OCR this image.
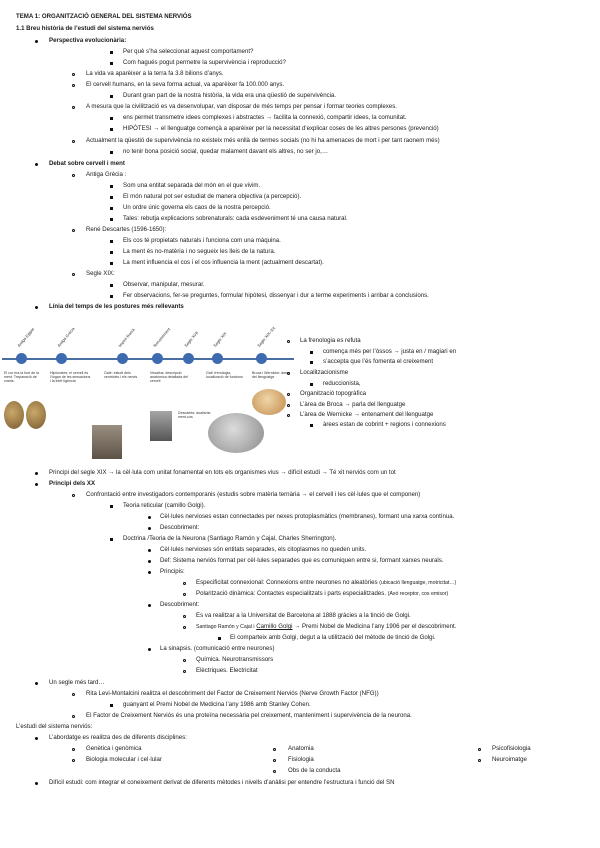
TEMA 1: ORGANITZACIÓ GENERAL DEL SISTEMA NERVIÓS
1.1 Breu història de l’estudi del sistema nerviós
Perspectiva evolucionària:
Per què s’ha seleccionat aquest comportament?
Com hagués pogut permetre la supervivència i reproducció?
La vida va aparèixer a la terra fa 3.8 bilions d’anys.
El cervell humans, en la seva forma actual, va aparèixer fa 100.000 anys.
Durant gran part de la nostra història, la vida era una qüestió de supervivència.
A mesura que la civilització es va desenvolupar, van disposar de més temps per pensar i formar teories complexes.
ens permet transmetre idees complexes i abstractes → facilita la connexió, compartir idees, la comunitat.
HIPÒTESI → el llenguatge començà a aparèixer per la necessitat d’explicar coses de les altres persones (prevenció)
Actualment la qüestió de supervivència no existeix més enllà de termes socials (no hi ha amenaces de mort i per tant raonem més)
no tenir bona posició social, quedar malament davant els altres, no ser jo,…
Debat sobre cervell i ment
Antiga Grècia :
Som una entitat separada del món en el que vivim.
El món natural pot ser estudiat de manera objectiva (a percepció).
Un ordre únic governa els caos de la nostra percepció.
Tales: rebutja explicacions sobrenaturals: cada esdeveniment té una causa natural.
René Descartes (1596-1650):
Els cos té propietats naturals i funciona com una màquina.
La ment és no-matèria i no segueix les lleis de la natura.
La ment influencia el cos i el cos influencia la ment (actualment descartat).
Segle XIX:
Observar, manipular, mesurar.
Fer observacions, fer-se preguntes, formular hipòtesi, dissenyar i dur a terme experiments i arribar a conclusions.
Línia del temps de les postures més rellevants
Antiga Egipte	Antiga Grècia	Imperi Romà	Renaixement	Segle XVII	Segle XIX	Segle XIX–XX
El cor era la font de la ment. Trepanació de cranis.
Hipòcrates: el cervell és l’òrgan de les sensacions i la intel·ligència
Galè: estudi dels ventricles i els nervis
Vesalius: descripció anatòmica detallada del cervell
Descartes: dualisme ment-cos
Gall: frenologia, localització de funcions
Broca i Wernicke: àrees del llenguatge
La frenologia es refuta
comença més per l’òssos → justa en / magiari en
s’accepta que l’és fomenta el creixement
Localitzacionisme
reduccionista,
Organització topogràfica
L’àrea de Broca → parla del llenguatge
L’àrea de Wernicke → entenament del llenguatge
àrees estan de cobrint + regions i connexions
Principi del segle XIX → la cèl·lula com unitat fonamental en tots els organismes vius → difícil estudi → Té xit nerviós com un tot
Principi dels XX
Confrontació entre investigadors contemporanis (estudis sobre matèria ternària → el cervell i les cèl·lules que el componen)
Teoria reticular (camillo Golgi).
Cèl·lules nervioses estan connectades per nexes protoplasmàtics (membranes), formant una xarxa contínua.
Descobriment:
Doctrina /Teoria de la Neurona (Santiago Ramón y Cajal, Charles Sherrington).
Cèl·lules nervioses són entitats separades, els citoplasmes no queden units.
Def: Sistema nerviós format per cèl·lules separades que es comuniquen entre si, formant xarxes neurals.
Principis:
Especificitat connexional: Connexions entre neurones no aleatòries (ubicació llenguatge, motricitat…)
Polarització dinàmica: Contactes especialitzats i parts especialitzades. (Axó receptor, cos emisor)
Descobriment:
Es va realitzar a la Universitat de Barcelona al 1888 gràcies a la tinció de Golgi.
Santiago Ramón y Cajal i Camillo Golgi → Premi Nobel de Medicina l’any 1906 per el descobriment.
El comparteix amb Golgi, degut a la utilització del mètode de tinció de Golgi.
La sinapsis. (comunicació entre neurones)
Química. Neurotransmissors
Elèctriques. Electricitat
Un segle més tard…
Rita Levi-Montalcini realitza el descobriment del Factor de Creixement Nerviós (Nerve Growth Factor (NFG))
guanyant el Premi Nobel de Medicina l’any 1986 amb Stanley Cohen.
El Factor de Creixement Nerviós és una proteïna necessària pel creixement, manteniment i supervivència de la neurona.
L’estudi del sistema nerviós:
L’abordatge es realitza des de diferents disciplines:
Genètica i genòmica
Biologia molecular i cel·lular
Anatomia
Fisiologia
Obs de la conducta
Psicofisiologia
Neuroimatge
Difícil estudi: com integrar el coneixement derivat de diferents mètodes i nivells d’anàlisi per entendre l’estructura i funció del SN
